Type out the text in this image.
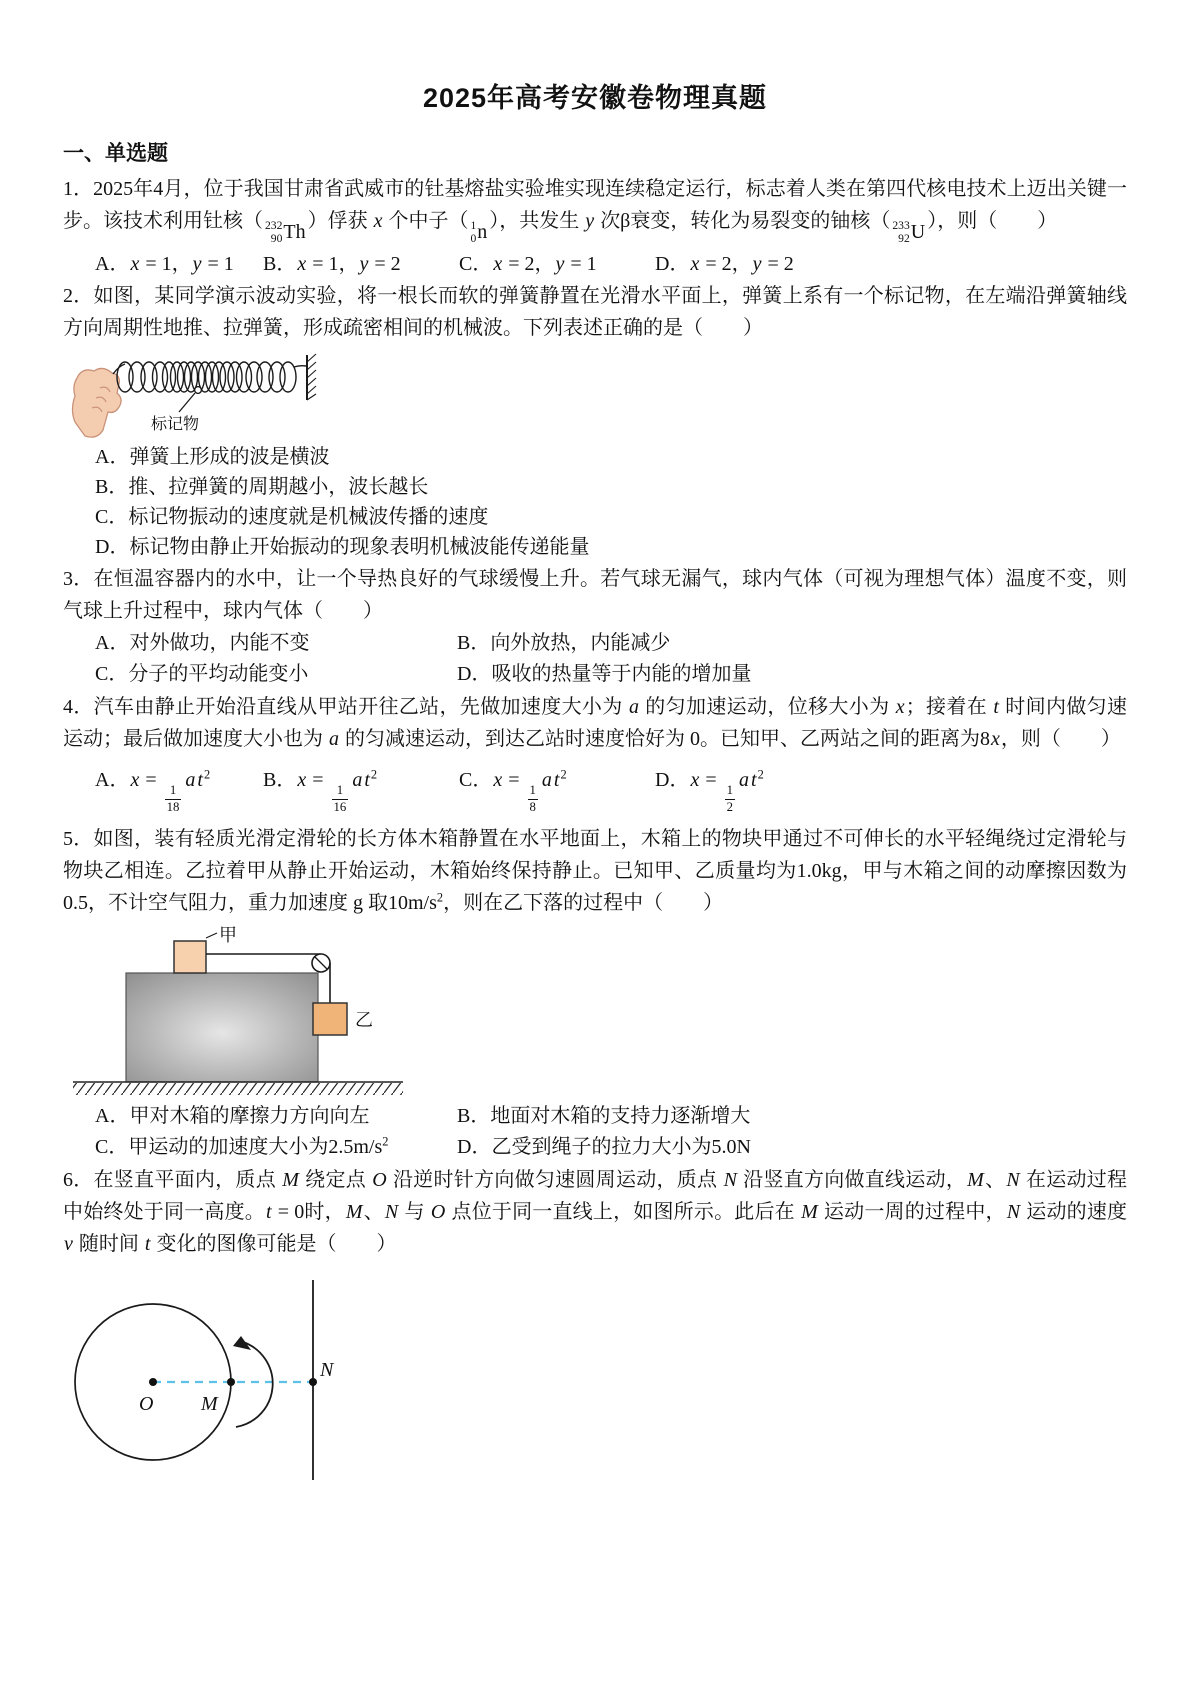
2025年高考安徽卷物理真题
一、单选题

1．2025年4月，位于我国甘肃省武威市的钍基熔盐实验堆实现连续稳定运行，标志着人类在第四代核电技术上迈出关键一步。该技术利用钍核（ 232
90 Th ）俘获 x 个中子（ 1
0 n ），共发生 y 次β衰变，转化为易裂变的铀核（ 233
92 U ），则（　　）

A．x = 1，y = 1	B．x = 1，y = 2	C．x = 2，y = 1	D．x = 2，y = 2

2．如图，某同学演示波动实验，将一根长而软的弹簧静置在光滑水平面上，弹簧上系有一个标记物，在左端沿弹簧轴线方向周期性地推、拉弹簧，形成疏密相间的机械波。下列表述正确的是（　　）

标记物
A．弹簧上形成的波是横波
B．推、拉弹簧的周期越小，波长越长
C．标记物振动的速度就是机械波传播的速度
D．标记物由静止开始振动的现象表明机械波能传递能量

3．在恒温容器内的水中，让一个导热良好的气球缓慢上升。若气球无漏气，球内气体（可视为理想气体）温度不变，则气球上升过程中，球内气体（　　）

A．对外做功，内能不变	B．向外放热，内能减少
C．分子的平均动能变小	D．吸收的热量等于内能的增加量

4．汽车由静止开始沿直线从甲站开往乙站，先做加速度大小为 a 的匀加速运动，位移大小为 x；接着在 t 时间内做匀速运动；最后做加速度大小也为 a 的匀减速运动，到达乙站时速度恰好为 0。已知甲、乙两站之间的距离为8x，则（　　）

A．x =
$\frac{1}{18}$
a $t^2$	B．x =
$\frac{1}{16}$
a $t^2$	C．x =
$\frac{1}{8}$
a $t^2$	D．x =
$\frac{1}{2}$
a $t^2$

5．如图，装有轻质光滑定滑轮的长方体木箱静置在水平地面上，木箱上的物块甲通过不可伸长的水平轻绳绕过定滑轮与物块乙相连。乙拉着甲从静止开始运动，木箱始终保持静止。已知甲、乙质量均为1.0kg，甲与木箱之间的动摩擦因数为 0.5，不计空气阻力，重力加速度 g 取$10m/s^2$，则在乙下落的过程中（　　）

甲
乙
A．甲对木箱的摩擦力方向向左	B．地面对木箱的支持力逐渐增大
C．甲运动的加速度大小为$2.5m/s^2$	D．乙受到绳子的拉力大小为5.0N

6．在竖直平面内，质点 M 绕定点 O 沿逆时针方向做匀速圆周运动，质点 N 沿竖直方向做直线运动，M、N 在运动过程中始终处于同一高度。t = 0时，M、N 与 O 点位于同一直线上，如图所示。此后在 M 运动一周的过程中，N 运动的速度 v 随时间 t 变化的图像可能是（　　）

O M
N
